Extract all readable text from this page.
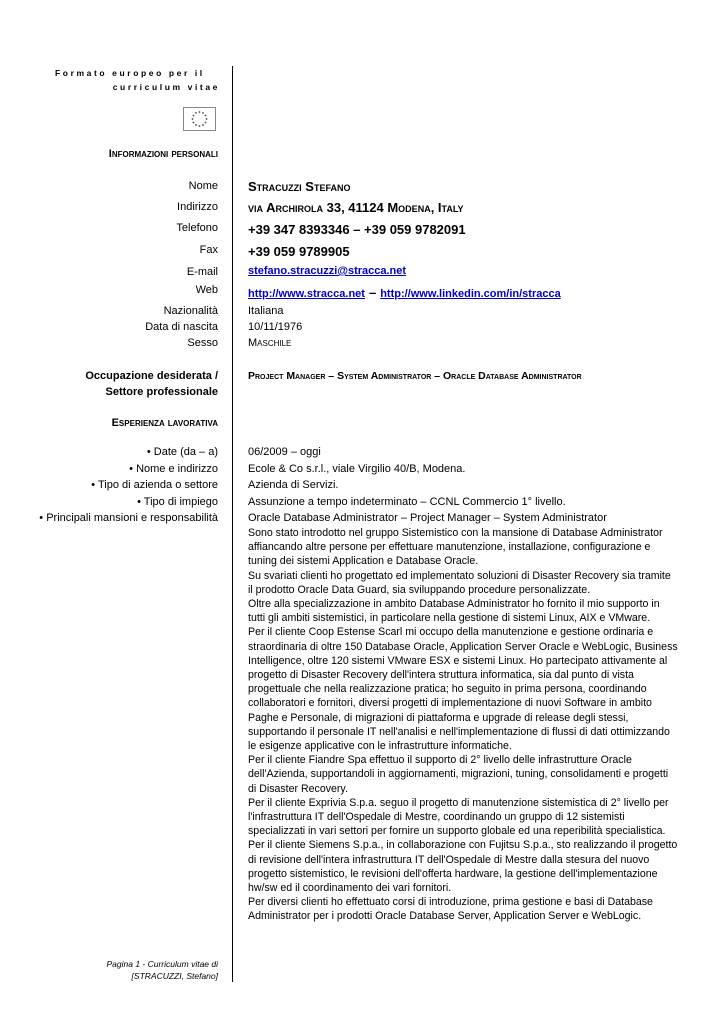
Formato europeo per il
curriculum vitae
Informazioni personali
Nome Stracuzzi Stefano
Indirizzo via Archirola 33, 41124 Modena, Italy
Telefono +39 347 8393346 – +39 059 9782091
Fax +39 059 9789905
E-mail	stefano.stracuzzi@stracca.net
Web	http://www.stracca.net – http://www.linkedin.com/in/stracca
Nazionalità	Italiana
Data di nascita	10/11/1976
Sesso	Maschile
Occupazione desiderata /
Settore professionale
Project Manager – System Administrator – Oracle Database Administrator
Esperienza lavorativa
• Date (da – a)	06/2009 – oggi
• Nome e indirizzo	Ecole & Co s.r.l., viale Virgilio 40/B, Modena.
• Tipo di azienda o settore	Azienda di Servizi.
• Tipo di impiego	Assunzione a tempo indeterminato – CCNL Commercio 1° livello.
• Principali mansioni e responsabilità	Oracle Database Administrator – Project Manager – System Administrator

Sono stato introdotto nel gruppo Sistemistico con la mansione di Database Administrator affiancando altre persone per effettuare manutenzione, installazione, configurazione e tuning dei sistemi Application e Database Oracle.

Su svariati clienti ho progettato ed implementato soluzioni di Disaster Recovery sia tramite il prodotto Oracle Data Guard, sia sviluppando procedure personalizzate.

Oltre alla specializzazione in ambito Database Administrator ho fornito il mio supporto in tutti gli ambiti sistemistici, in particolare nella gestione di sistemi Linux, AIX e VMware.

Per il cliente Coop Estense Scarl mi occupo della manutenzione e gestione ordinaria e straordinaria di oltre 150 Database Oracle, Application Server Oracle e WebLogic, Business Intelligence, oltre 120 sistemi VMware ESX e sistemi Linux. Ho partecipato attivamente al progetto di Disaster Recovery dell'intera struttura informatica, sia dal punto di vista progettuale che nella realizzazione pratica; ho seguito in prima persona, coordinando collaboratori e fornitori, diversi progetti di implementazione di nuovi Software in ambito Paghe e Personale, di migrazioni di piattaforma e upgrade di release degli stessi, supportando il personale IT nell'analisi e nell'implementazione di flussi di dati ottimizzando le esigenze applicative con le infrastrutture informatiche.

Per il cliente Fiandre Spa effettuo il supporto di 2° livello delle infrastrutture Oracle dell'Azienda, supportandoli in aggiornamenti, migrazioni, tuning, consolidamenti e progetti di Disaster Recovery.

Per il cliente Exprivia S.p.a. seguo il progetto di manutenzione sistemistica di 2° livello per l'infrastruttura IT dell'Ospedale di Mestre, coordinando un gruppo di 12 sistemisti specializzati in vari settori per fornire un supporto globale ed una reperibilità specialistica.

Per il cliente Siemens S.p.a., in collaborazione con Fujitsu S.p.a., sto realizzando il progetto di revisione dell'intera infrastruttura IT dell'Ospedale di Mestre dalla stesura del nuovo progetto sistemistico, le revisioni dell'offerta hardware, la gestione dell'implementazione hw/sw ed il coordinamento dei vari fornitori.

Per diversi clienti ho effettuato corsi di introduzione, prima gestione e basi di Database Administrator per i prodotti Oracle Database Server, Application Server e WebLogic.

Pagina 1 - Curriculum vitae di
[STRACUZZI, Stefano]
